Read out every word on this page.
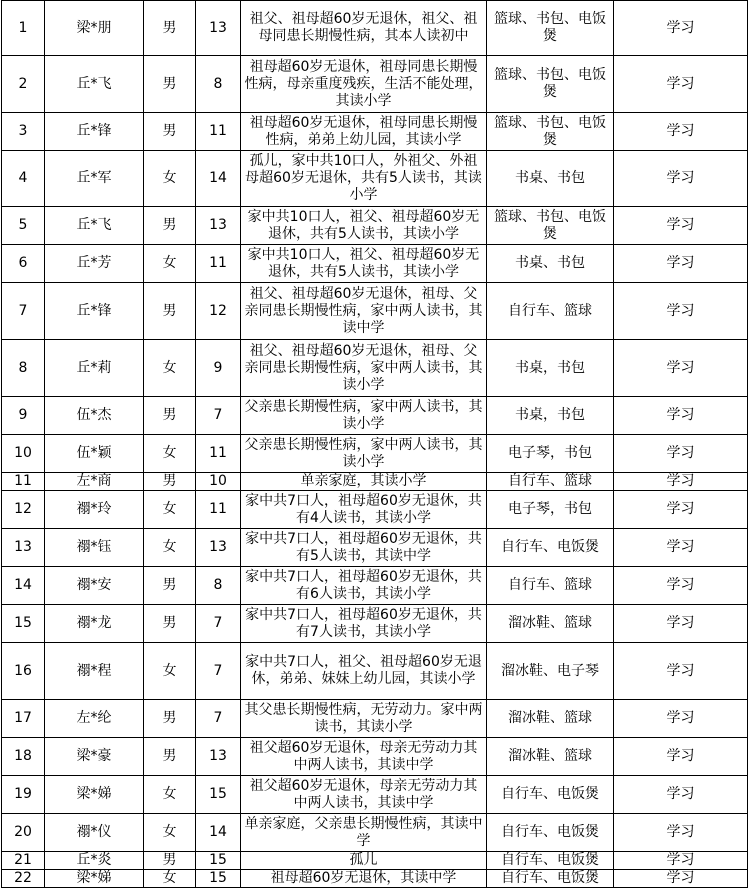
1	梁*朋	男	13	祖父、祖母超60岁无退休，祖父、祖母同患长期慢性病，其本人读初中	篮球、书包、电饭煲	学习
2	丘*飞	男	8	祖母超60岁无退休，祖母同患长期慢性病，母亲重度残疾，生活不能处理，其读小学	篮球、书包、电饭煲	学习
3	丘*锋	男	11	祖母超60岁无退休，祖母同患长期慢性病，弟弟上幼儿园，其读小学	篮球、书包、电饭煲	学习
4	丘*军	女	14	孤儿，家中共10口人，外祖父、外祖母超60岁无退休，共有5人读书，其读小学	书桌、书包	学习
5	丘*飞	男	13	家中共10口人，祖父、祖母超60岁无退休，共有5人读书，其读小学	篮球、书包、电饭煲	学习
6	丘*芳	女	11	家中共10口人，祖父、祖母超60岁无退休，共有5人读书，其读小学	书桌、书包	学习
7	丘*锋	男	12	祖父、祖母超60岁无退休，祖母、父亲同患长期慢性病，家中两人读书，其读中学	自行车、篮球	学习
8	丘*莉	女	9	祖父、祖母超60岁无退休，祖母、父亲同患长期慢性病，家中两人读书，其读小学	书桌，书包	学习
9	伍*杰	男	7	父亲患长期慢性病，家中两人读书，其读小学	书桌，书包	学习
10	伍*颖	女	11	父亲患长期慢性病，家中两人读书，其读小学	电子琴，书包	学习
11	左*商	男	10	单亲家庭，其读小学	自行车、篮球	学习
12	禤*玲	女	11	家中共7口人，祖母超60岁无退休，共有4人读书，其读小学	电子琴，书包	学习
13	禤*钰	女	13	家中共7口人，祖母超60岁无退休，共有5人读书，其读中学	自行车、电饭煲	学习
14	禤*安	男	8	家中共7口人，祖母超60岁无退休，共有6人读书，其读小学	自行车、篮球	学习
15	禤*龙	男	7	家中共7口人，祖母超60岁无退休，共有7人读书，其读小学	溜冰鞋、篮球	学习
16	禤*程	女	7	家中共7口人，祖父、祖母超60岁无退休，弟弟、妹妹上幼儿园，其读小学	溜冰鞋、电子琴	学习
17	左*纶	男	7	其父患长期慢性病，无劳动力。家中两读书，其读小学	溜冰鞋、篮球	学习
18	梁*豪	男	13	祖父超60岁无退休，母亲无劳动力其中两人读书，其读中学	溜冰鞋、篮球	学习
19	梁*娣	女	15	祖父超60岁无退休，母亲无劳动力其中两人读书，其读中学	自行车、电饭煲	学习
20	禤*仪	女	14	单亲家庭，父亲患长期慢性病，其读中学	自行车、电饭煲	学习
21	丘*炎	男	15	孤儿	自行车、电饭煲	学习
22	梁*娣	女	15	祖母超60岁无退休，其读中学	自行车、电饭煲	学习
